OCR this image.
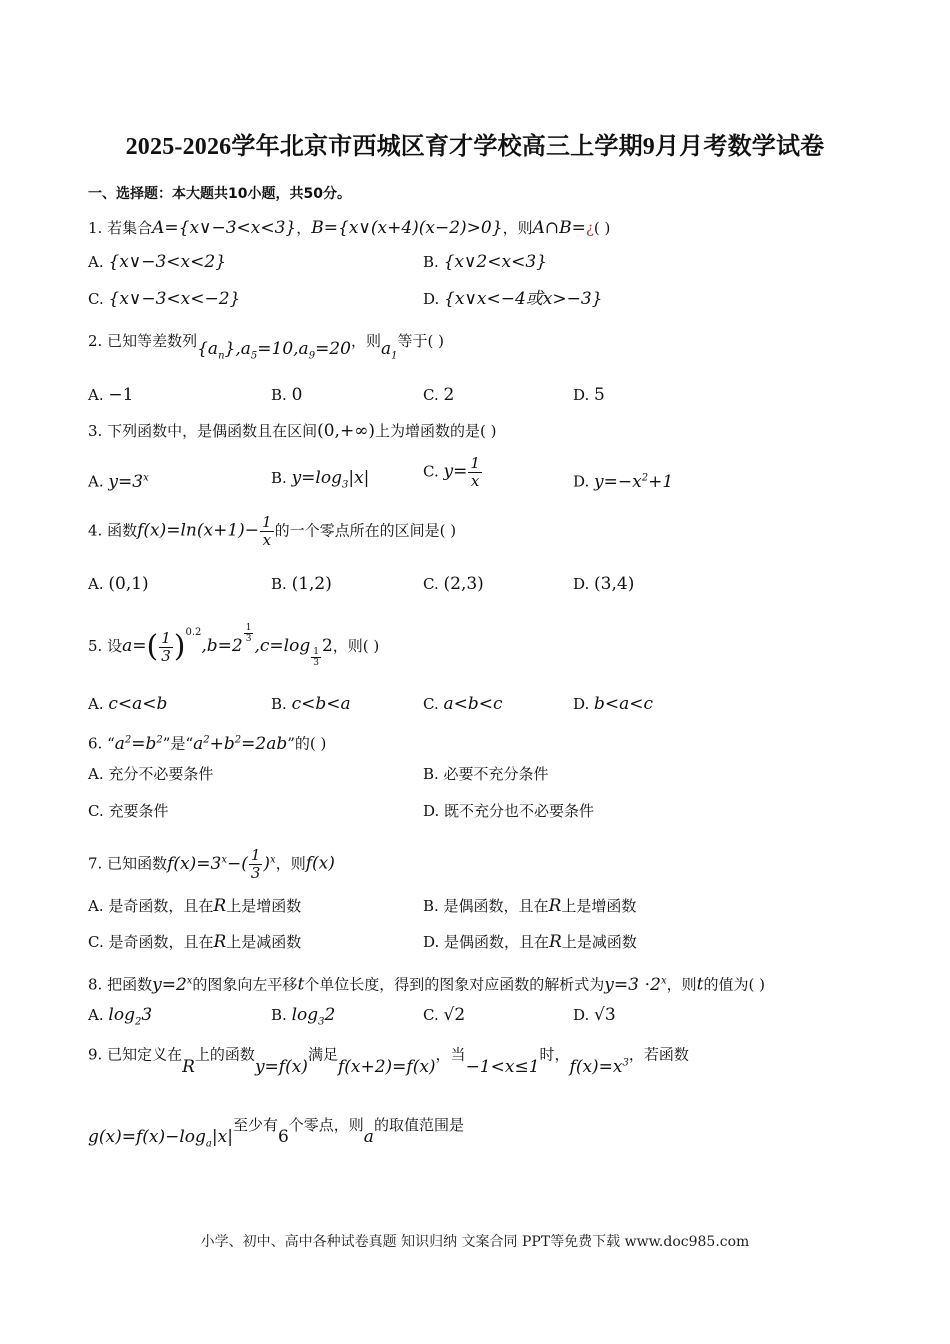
2025-2026学年北京市西城区育才学校高三上学期9月月考数学试卷
一、选择题：本大题共10小题，共50分。
1. 若集合A={x∨−3<x<3}，B={x∨(x+4)(x−2)>0}，则A∩B=¿( )
A. {x∨−3<x<2}	B. {x∨2<x<3}
C. {x∨−3<x<−2}	D. {x∨x<−4或x>−3}
2. 已知等差数列$\{a_n\},a_5=10,a_9=20$，则$a_1$等于( )
A. −1	B. 0	C. 2	D. 5
3. 下列函数中，是偶函数且在区间(0,+∞)上为增函数的是( )
A. $y=3^x$	B. $y=\log_3|x|$	C. $y= \frac{1}{x}$	D. $y=-x^2+1$
4. 函数$f(x)=\ln(x+1)- \frac{1}{x}$ 的一个零点所在的区间是( )
A. (0,1)	B. (1,2)	C. (2,3)	D. (3,4)
5. 设$a=( \frac{1}{3} )^{0.2},b=2$
$\frac{1}{3}$
,c=log
$\frac{1}{3}$
2，则( )
A. c<a<b	B. c<b<a	C. a<b<c	D. b<a<c
6. “$a^2=b^2$”是“$a^2+b^2=2ab$”的( )
A. 充分不必要条件	B. 必要不充分条件
C. 充要条件	D. 既不充分也不必要条件
7. 已知函数$f(x)=3^x-( \frac{1}{3} )^x$，则f(x)
A. 是奇函数，且在R上是增函数	B. 是偶函数，且在R上是增函数
C. 是奇函数，且在R上是减函数	D. 是偶函数，且在R上是减函数
8. 把函数$y=2^x$的图象向左平移t个单位长度，得到的图象对应函数的解析式为$y=3 \cdot 2^x$，则t的值为( )
A. $\log_23$	B. $\log_32$	C. √2	D. √3
9. 已知定义在R上的函数y=f(x)满足f(x+2)=f(x)，当−1<x≤1时，$f(x)=x^3$，若函数
$g(x)=f(x)-\log_a|x|$至少有6个零点，则a的取值范围是
小学、初中、高中各种试卷真题 知识归纳 文案合同 PPT等免费下载 www.doc985.com
